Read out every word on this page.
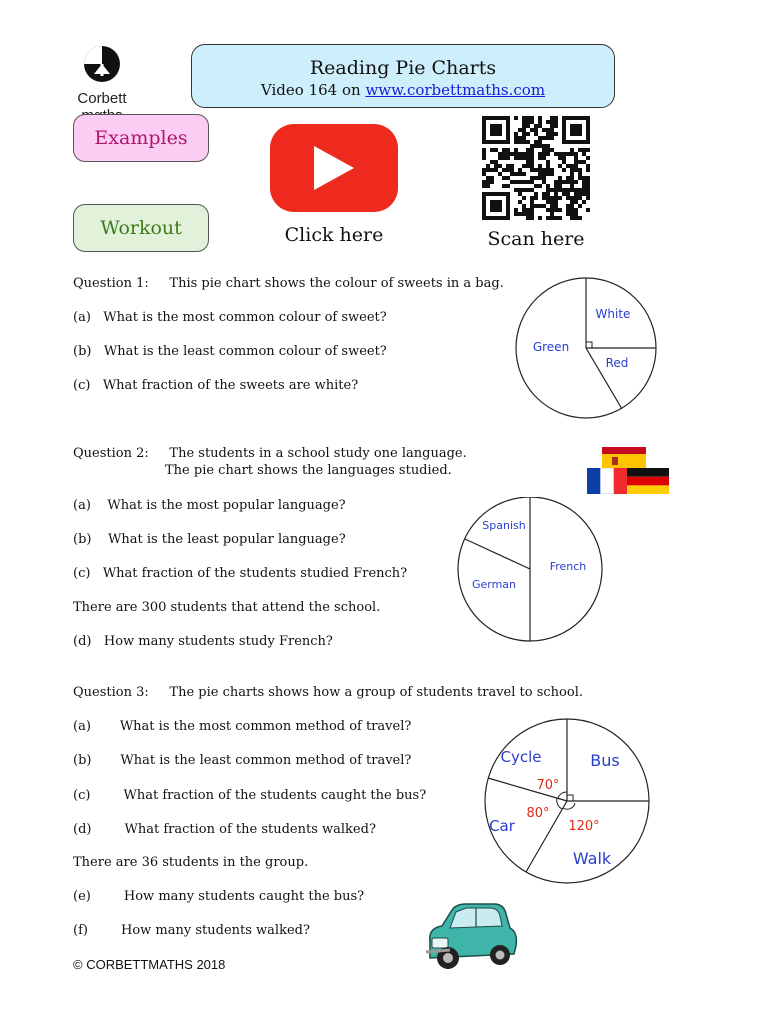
Corbett
Reading Pie Charts
Video 164 on www.corbettmaths.com
Examples
Workout	Click here	Scan here
Question 1:     This pie chart shows the colour of sweets in a bag.
(a)   What is the most common colour of sweet?
(b)   What is the least common colour of sweet?
(c)   What fraction of the sweets are white?
White
Red
Green
Question 2:     The students in a school study one language.
The pie chart shows the languages studied.
(a)    What is the most popular language?
(b)    What is the least popular language?
(c)   What fraction of the students studied French?
There are 300 students that attend the school.
(d)   How many students study French?
French
German
Spanish
Question 3:     The pie charts shows how a group of students travel to school.
(a)       What is the most common method of travel?
(b)       What is the least common method of travel?
(c)        What fraction of the students caught the bus?
(d)        What fraction of the students walked?
There are 36 students in the group.
(e)        How many students caught the bus?
(f)        How many students walked?
Bus
Walk
Car
Cycle
70°
80°
120°
© CORBETTMATHS 2018
